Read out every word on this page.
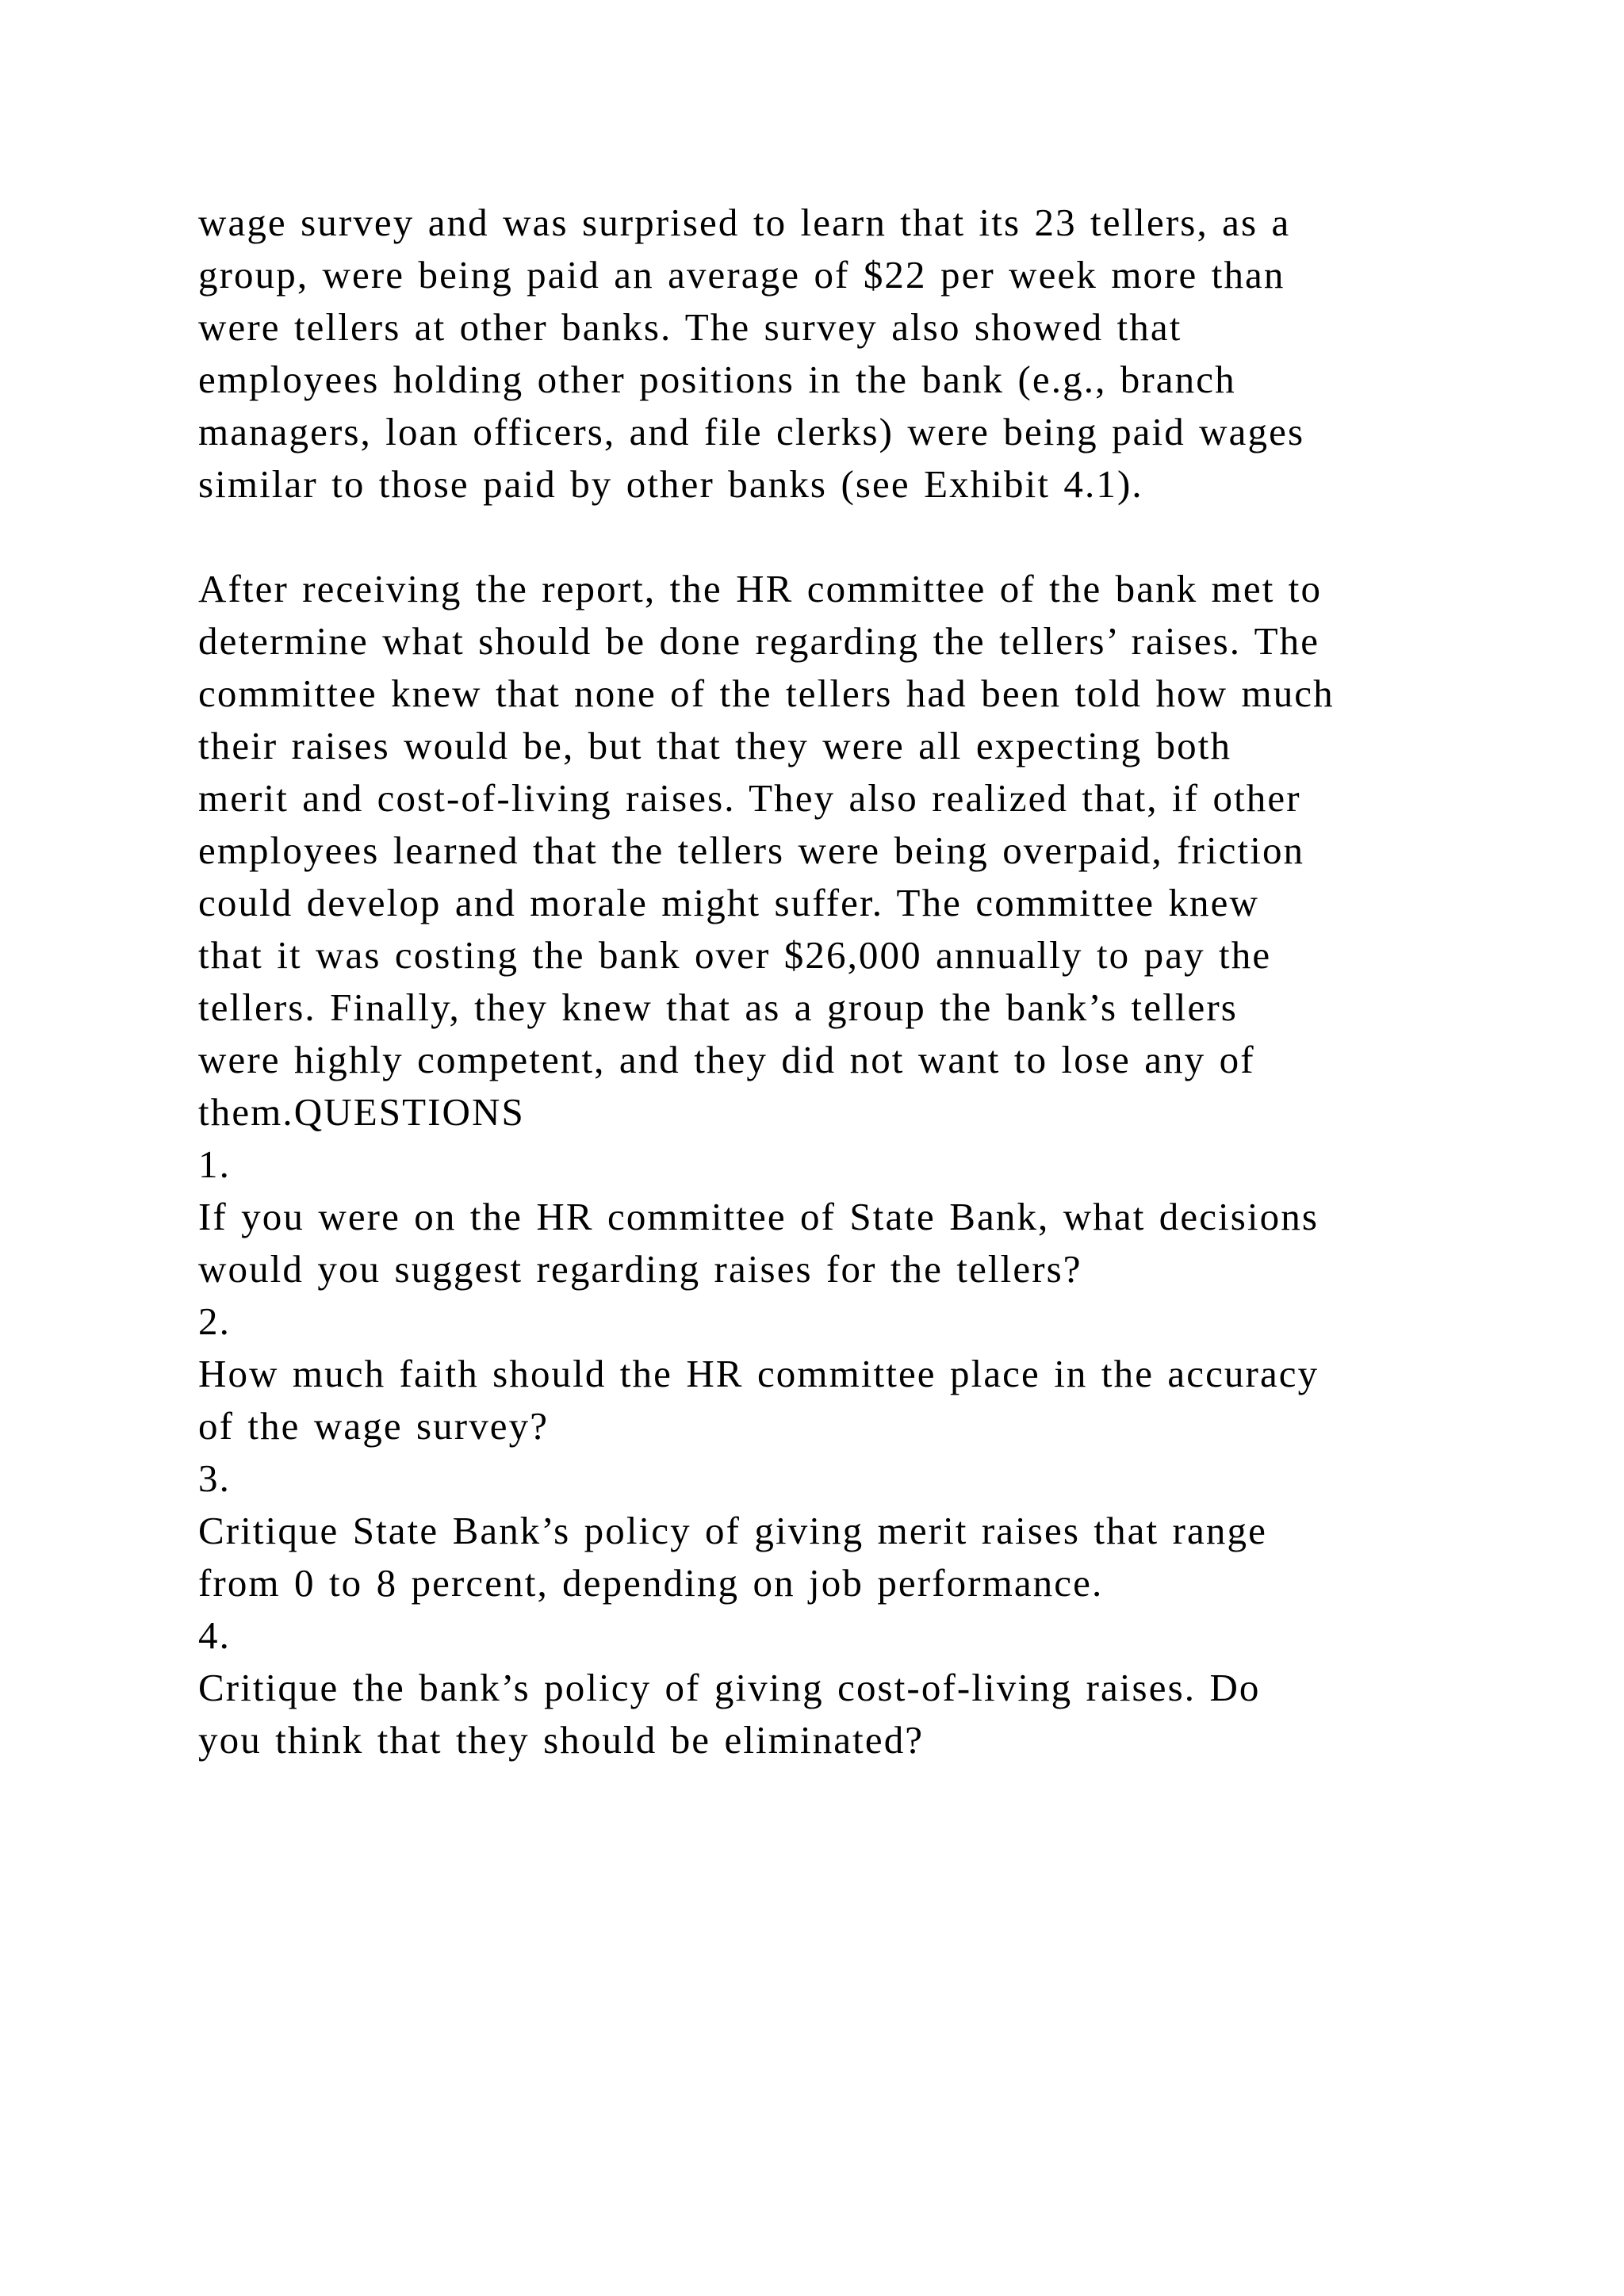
wage survey and was surprised to learn that its 23 tellers, as a
group, were being paid an average of $22 per week more than
were tellers at other banks. The survey also showed that
employees holding other positions in the bank (e.g., branch
managers, loan officers, and file clerks) were being paid wages
similar to those paid by other banks (see Exhibit 4.1).
After receiving the report, the HR committee of the bank met to
determine what should be done regarding the tellers’ raises. The
committee knew that none of the tellers had been told how much
their raises would be, but that they were all expecting both
merit and cost-of-living raises. They also realized that, if other
employees learned that the tellers were being overpaid, friction
could develop and morale might suffer. The committee knew
that it was costing the bank over $26,000 annually to pay the
tellers. Finally, they knew that as a group the bank’s tellers
were highly competent, and they did not want to lose any of
them.QUESTIONS
1.
If you were on the HR committee of State Bank, what decisions
would you suggest regarding raises for the tellers?
2.
How much faith should the HR committee place in the accuracy
of the wage survey?
3.
Critique State Bank’s policy of giving merit raises that range
from 0 to 8 percent, depending on job performance.
4.
Critique the bank’s policy of giving cost-of-living raises. Do
you think that they should be eliminated?
